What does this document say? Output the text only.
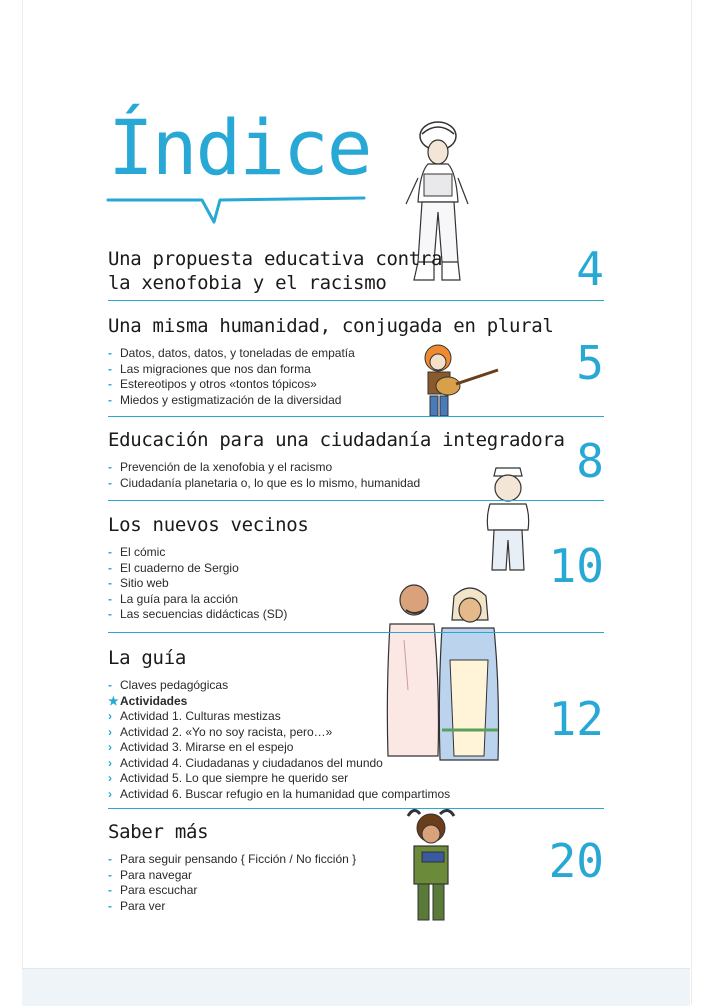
Índice
Una propuesta educativa contra
la xenofobia y el racismo	4
Una misma humanidad, conjugada en plural
- Datos, datos, datos, y toneladas de empatía
- Las migraciones que nos dan forma
- Estereotipos y otros «tontos tópicos»
- Miedos y estigmatización de la diversidad
5
Educación para una ciudadanía integradora
- Prevención de la xenofobia y el racismo
- Ciudadanía planetaria o, lo que es lo mismo, humanidad	8
Los nuevos vecinos
- El cómic
- El cuaderno de Sergio
- Sitio web
- La guía para la acción
- Las secuencias didácticas (SD)
10
La guía
- Claves pedagógicas
★ Actividades
› Actividad 1. Culturas mestizas
› Actividad 2. «Yo no soy racista, pero…»
› Actividad 3. Mirarse en el espejo
› Actividad 4. Ciudadanas y ciudadanos del mundo
› Actividad 5. Lo que siempre he querido ser
› Actividad 6. Buscar refugio en la humanidad que compartimos
12
Saber más
- Para seguir pensando { Ficción / No ficción }
- Para navegar
- Para escuchar
- Para ver
20
